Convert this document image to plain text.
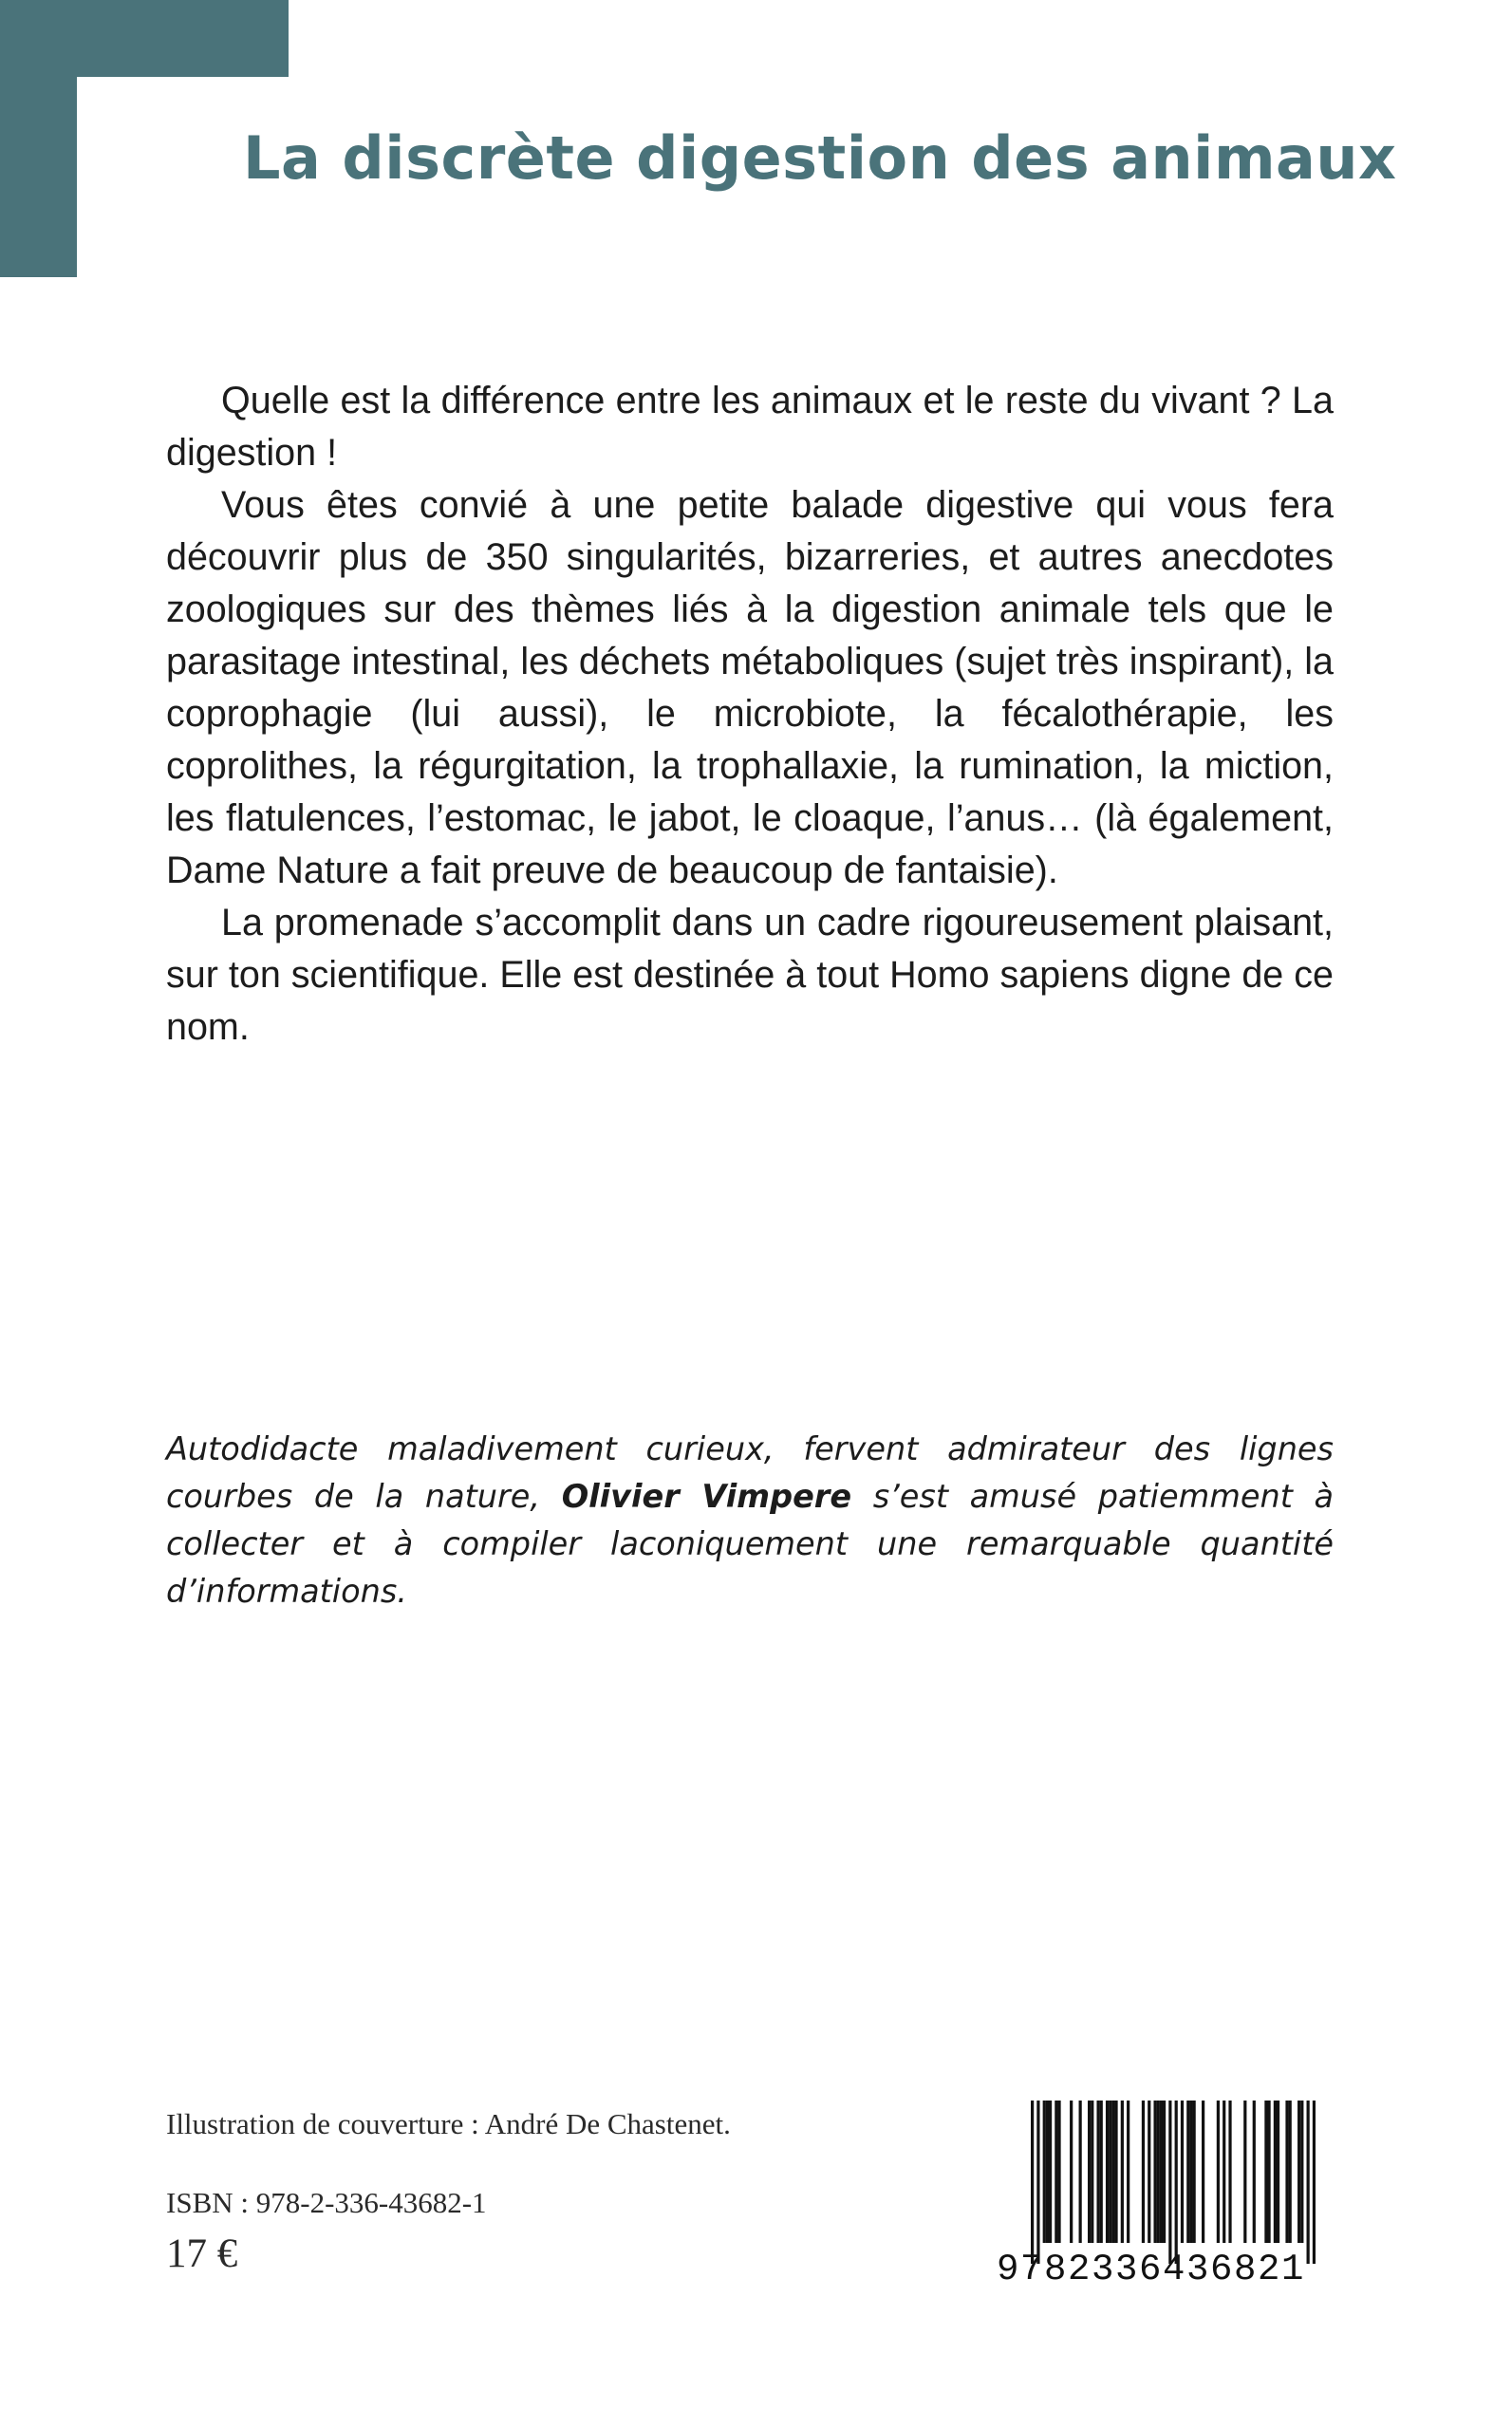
La discrète digestion des animaux

Quelle est la différence entre les animaux et le reste du vivant ? La digestion !

Vous êtes convié à une petite balade digestive qui vous fera découvrir plus de 350 singularités, bizarreries, et autres anecdotes zoologiques sur des thèmes liés à la digestion animale tels que le parasitage intestinal, les déchets métaboliques (sujet très inspirant), la coprophagie (lui aussi), le microbiote, la fécalothérapie, les coprolithes, la régurgitation, la trophallaxie, la rumination, la miction, les flatulences, l’estomac, le jabot, le cloaque, l’anus… (là également, Dame Nature a fait preuve de beaucoup de fantaisie).

La promenade s’accomplit dans un cadre rigoureusement plaisant, sur ton scientifique. Elle est destinée à tout Homo sapiens digne de ce nom.

Autodidacte maladivement curieux, fervent admirateur des lignes courbes de la nature, Olivier Vimpere s’est amusé patiemment à collecter et à compiler laconiquement une remarquable quantité d’informations.

Illustration de couverture : André De Chastenet.

ISBN : 978-2-336-43682-1

17 €	9782336436821
